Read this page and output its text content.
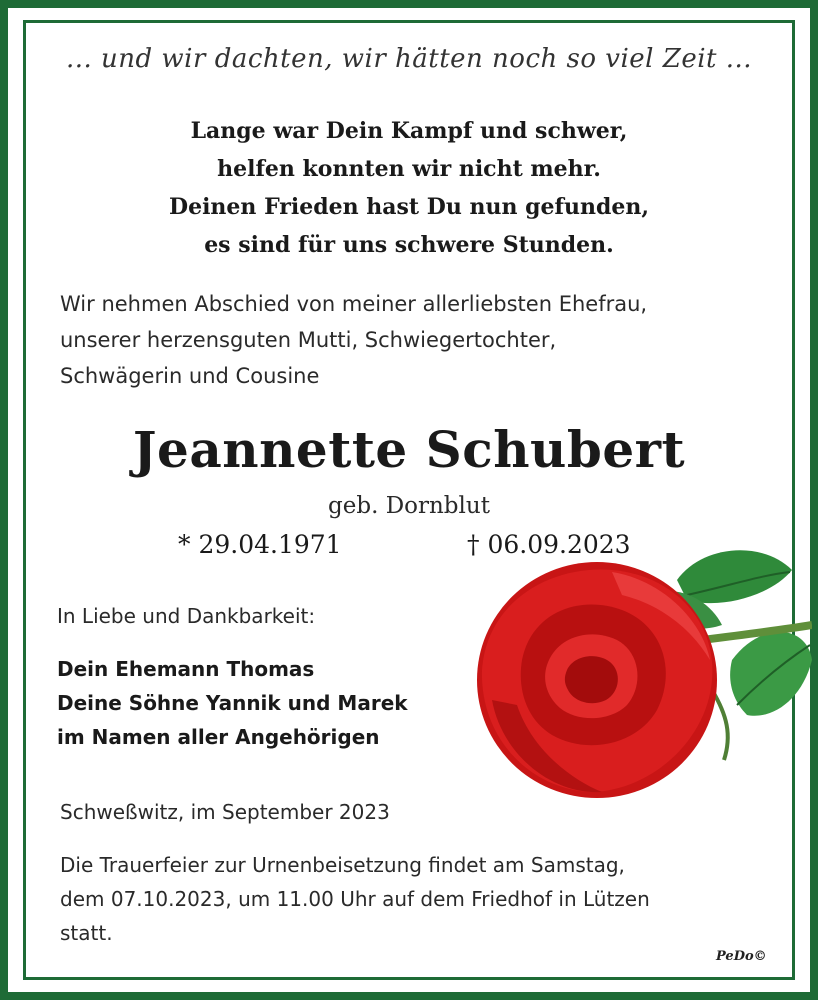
... und wir dachten, wir hätten noch so viel Zeit ...
Lange war Dein Kampf und schwer,
helfen konnten wir nicht mehr.
Deinen Frieden hast Du nun gefunden,
es sind für uns schwere Stunden.
Wir nehmen Abschied von meiner allerliebsten Ehefrau,
unserer herzensguten Mutti, Schwiegertochter,
Schwägerin und Cousine
Jeannette Schubert
geb. Dornblut
* 29.04.1971	† 06.09.2023
In Liebe und Dankbarkeit:
Dein Ehemann Thomas
Deine Söhne Yannik und Marek
im Namen aller Angehörigen
Schweßwitz, im September 2023
Die Trauerfeier zur Urnenbeisetzung findet am Samstag,
dem 07.10.2023, um 11.00 Uhr auf dem Friedhof in Lützen
statt.
PeDo©
